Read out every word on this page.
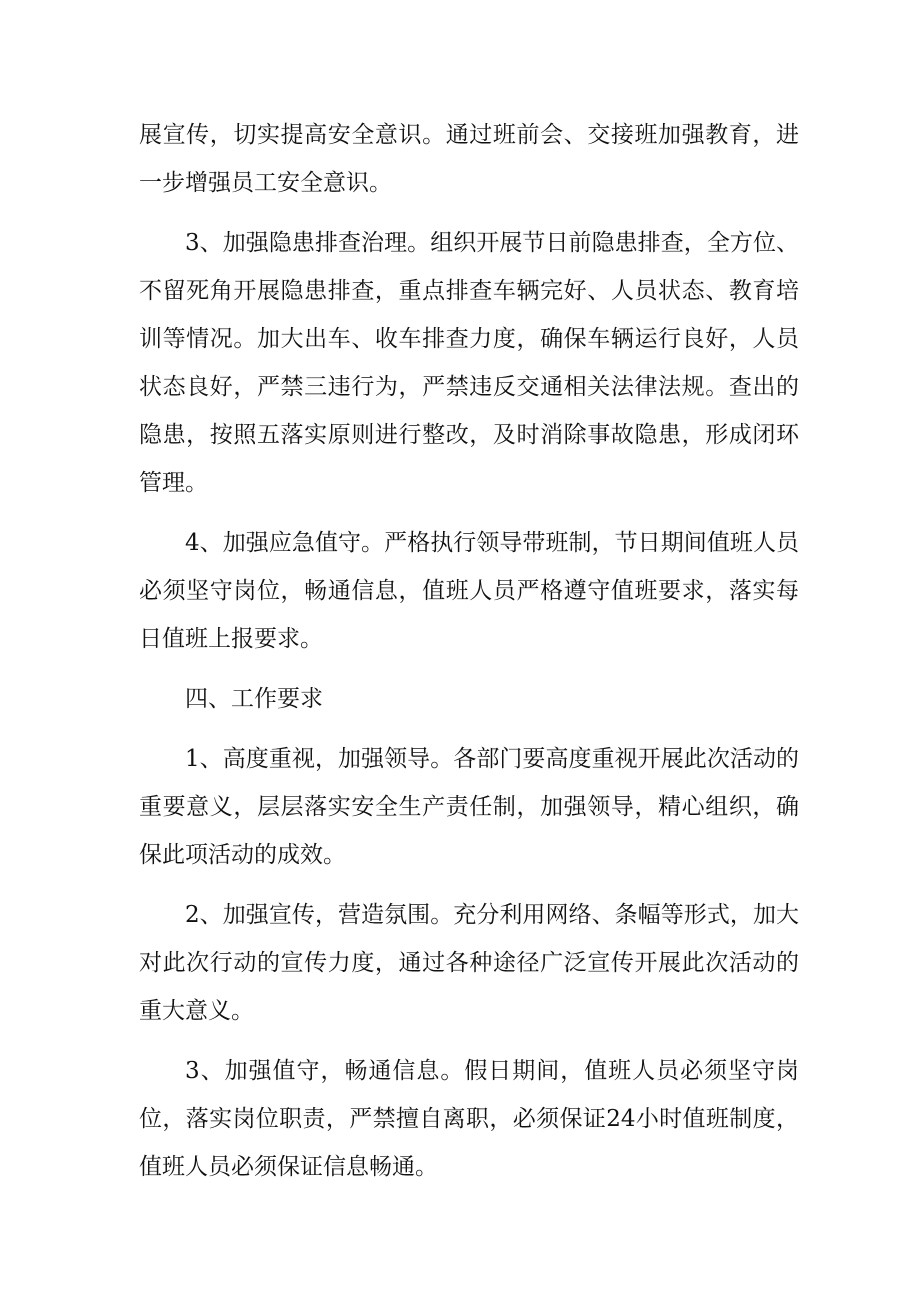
展宣传，切实提高安全意识。通过班前会、交接班加强教育，进一步增强员工安全意识。

3、加强隐患排查治理。组织开展节日前隐患排查，全方位、不留死角开展隐患排查，重点排查车辆完好、人员状态、教育培训等情况。加大出车、收车排查力度，确保车辆运行良好，人员状态良好，严禁三违行为，严禁违反交通相关法律法规。查出的隐患，按照五落实原则进行整改，及时消除事故隐患，形成闭环管理。

4、加强应急值守。严格执行领导带班制，节日期间值班人员必须坚守岗位，畅通信息，值班人员严格遵守值班要求，落实每日值班上报要求。

四、工作要求

1、高度重视，加强领导。各部门要高度重视开展此次活动的重要意义，层层落实安全生产责任制，加强领导，精心组织，确保此项活动的成效。

2、加强宣传，营造氛围。充分利用网络、条幅等形式，加大对此次行动的宣传力度，通过各种途径广泛宣传开展此次活动的重大意义。

3、加强值守，畅通信息。假日期间，值班人员必须坚守岗位，落实岗位职责，严禁擅自离职，必须保证24小时值班制度，值班人员必须保证信息畅通。
